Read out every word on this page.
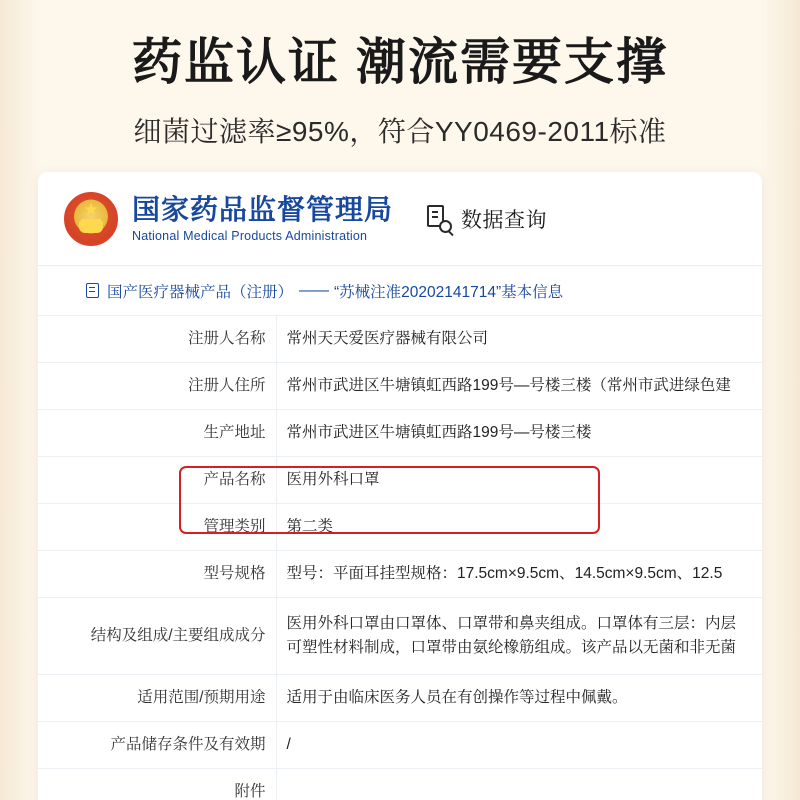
药监认证 潮流需要支撑
细菌过滤率≥95%，符合YY0469-2011标准
★
国家药品监督管理局
National Medical Products Administration
数据查询
国产医疗器械产品（注册） —— “苏械注准20202141714”基本信息
注册人名称	常州天天爱医疗器械有限公司
注册人住所	常州市武进区牛塘镇虹西路199号—号楼三楼（常州市武进绿色建
生产地址	常州市武进区牛塘镇虹西路199号—号楼三楼
产品名称	医用外科口罩
管理类别	第二类
型号规格	型号：平面耳挂型规格：17.5cm×9.5cm、14.5cm×9.5cm、12.5
结构及组成/主要组成成分	医用外科口罩由口罩体、口罩带和鼻夹组成。口罩体有三层：内层
可塑性材料制成，口罩带由氨纶橡筋组成。该产品以无菌和非无菌

适用范围/预期用途	适用于由临床医务人员在有创操作等过程中佩戴。
产品储存条件及有效期	/
附件	
